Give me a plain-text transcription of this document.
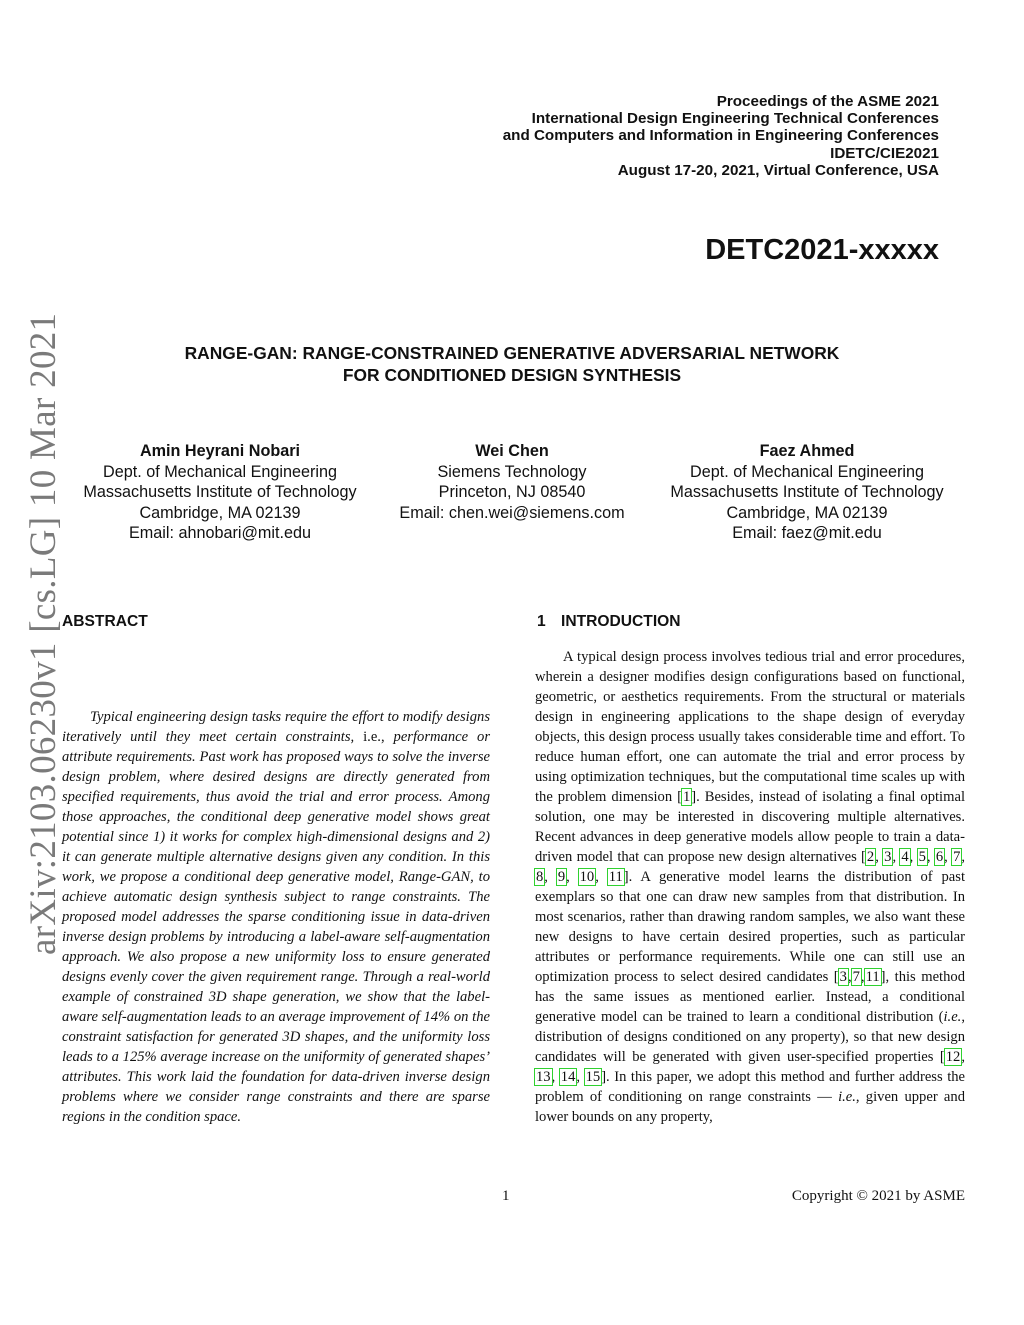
Proceedings of the ASME 2021
International Design Engineering Technical Conferences
and Computers and Information in Engineering Conferences
IDETC/CIE2021
August 17-20, 2021, Virtual Conference, USA
DETC2021-xxxxx
arXiv:2103.06230v1 [cs.LG] 10 Mar 2021	RANGE-GAN: RANGE-CONSTRAINED GENERATIVE ADVERSARIAL NETWORK
FOR CONDITIONED DESIGN SYNTHESIS
Amin Heyrani Nobari
Dept. of Mechanical Engineering
Massachusetts Institute of Technology
Cambridge, MA 02139
Email: ahnobari@mit.edu
Wei Chen
Siemens Technology
Princeton, NJ 08540
Email: chen.wei@siemens.com
Faez Ahmed
Dept. of Mechanical Engineering
Massachusetts Institute of Technology
Cambridge, MA 02139
Email: faez@mit.edu
ABSTRACT	1 INTRODUCTION
Typical engineering design tasks require the effort to modify designs iteratively until they meet certain constraints, i.e., performance or attribute requirements. Past work has proposed ways to solve the inverse design problem, where desired designs are directly generated from specified requirements, thus avoid the trial and error process. Among those approaches, the conditional deep generative model shows great potential since 1) it works for complex high-dimensional designs and 2) it can generate multiple alternative designs given any condition. In this work, we propose a conditional deep generative model, Range-GAN, to achieve automatic design synthesis subject to range constraints. The proposed model addresses the sparse conditioning issue in data-driven inverse design problems by introducing a label-aware self-augmentation approach. We also propose a new uniformity loss to ensure generated designs evenly cover the given requirement range. Through a real-world example of constrained 3D shape generation, we show that the label-aware self-augmentation leads to an average improvement of 14% on the constraint satisfaction for generated 3D shapes, and the uniformity loss leads to a 125% average increase on the uniformity of generated shapes’ attributes. This work laid the foundation for data-driven inverse design problems where we consider range constraints and there are sparse regions in the condition space.
A typical design process involves tedious trial and error procedures, wherein a designer modifies design configurations based on functional, geometric, or aesthetics requirements. From the structural or materials design in engineering applications to the shape design of everyday objects, this design process usually takes considerable time and effort. To reduce human effort, one can automate the trial and error process by using optimization techniques, but the computational time scales up with the problem dimension [1]. Besides, instead of isolating a final optimal solution, one may be interested in discovering multiple alternatives. Recent advances in deep generative models allow people to train a data-driven model that can propose new design alternatives [2, 3, 4, 5, 6, 7, 8, 9, 10, 11]. A generative model learns the distribution of past exemplars so that one can draw new samples from that distribution. In most scenarios, rather than drawing random samples, we also want these new designs to have certain desired properties, such as particular attributes or performance requirements. While one can still use an optimization process to select desired candidates [3,7,11], this method has the same issues as mentioned earlier. Instead, a conditional generative model can be trained to learn a conditional distribution (i.e., distribution of designs conditioned on any property), so that new design candidates will be generated with given user-specified properties [12, 13, 14, 15]. In this paper, we adopt this method and further address the problem of conditioning on range constraints — i.e., given upper and lower bounds on any property,
1	Copyright © 2021 by ASME
